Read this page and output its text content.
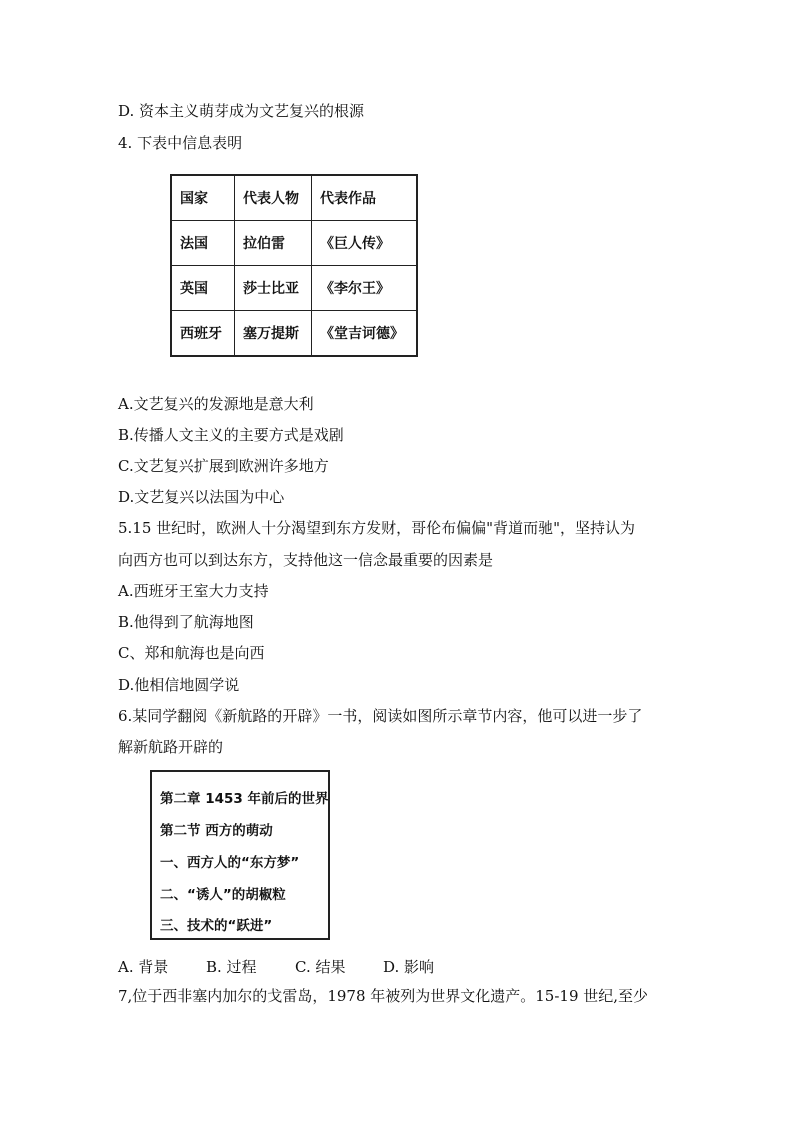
D. 资本主义萌芽成为文艺复兴的根源
4. 下表中信息表明
国家	代表人物	代表作品
法国	拉伯雷	《巨人传》
英国	莎士比亚	《李尔王》
西班牙	塞万提斯	《堂吉诃德》
A.文艺复兴的发源地是意大利
B.传播人文主义的主要方式是戏剧
C.文艺复兴扩展到欧洲许多地方
D.文艺复兴以法国为中心
5.15 世纪时，欧洲人十分渴望到东方发财，哥伦布偏偏"背道而驰"，坚持认为
向西方也可以到达东方，支持他这一信念最重要的因素是
A.西班牙王室大力支持
B.他得到了航海地图
C、郑和航海也是向西
D.他相信地圆学说
6.某同学翻阅《新航路的开辟》一书，阅读如图所示章节内容，他可以进一步了
解新航路开辟的
第二章 1453 年前后的世界
第二节 西方的萌动
一、西方人的“东方梦”
二、“诱人”的胡椒粒
三、技术的“跃进”
A. 背景	B. 过程	C. 结果	D. 影响
7,位于西非塞内加尔的戈雷岛，1978 年被列为世界文化遗产。15-19 世纪,至少
